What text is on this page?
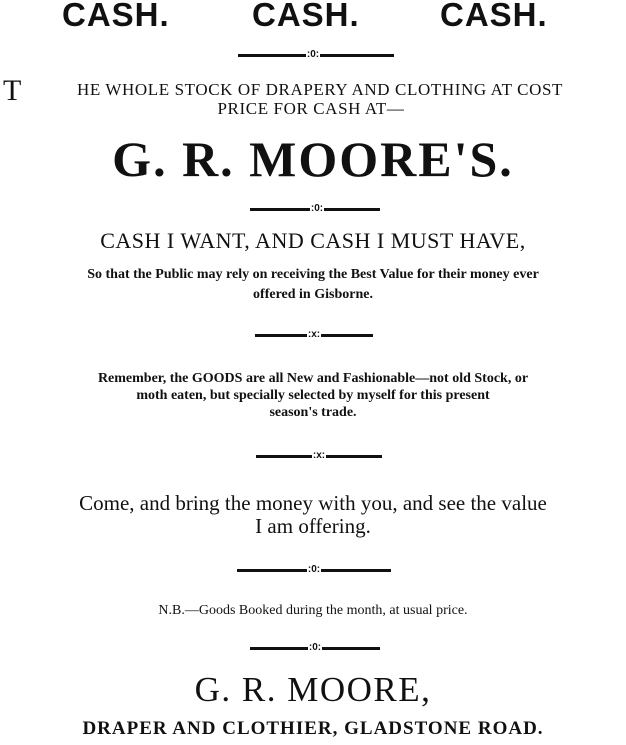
CASH. CASH. CASH.
:0:
T	HE WHOLE STOCK OF DRAPERY AND CLOTHING AT COST
PRICE FOR CASH AT—
G. R. MOORE'S.
:0:
CASH I WANT, AND CASH I MUST HAVE,
So that the Public may rely on receiving the Best Value for their money ever
offered in Gisborne.
:x:
Remember, the GOODS are all New and Fashionable—not old Stock, or
moth eaten, but specially selected by myself for this present
season's trade.
:x:
Come, and bring the money with you, and see the value
I am offering.
:0:
N.B.—Goods Booked during the month, at usual price.
:0:
G. R. MOORE,
DRAPER AND CLOTHIER, GLADSTONE ROAD.
